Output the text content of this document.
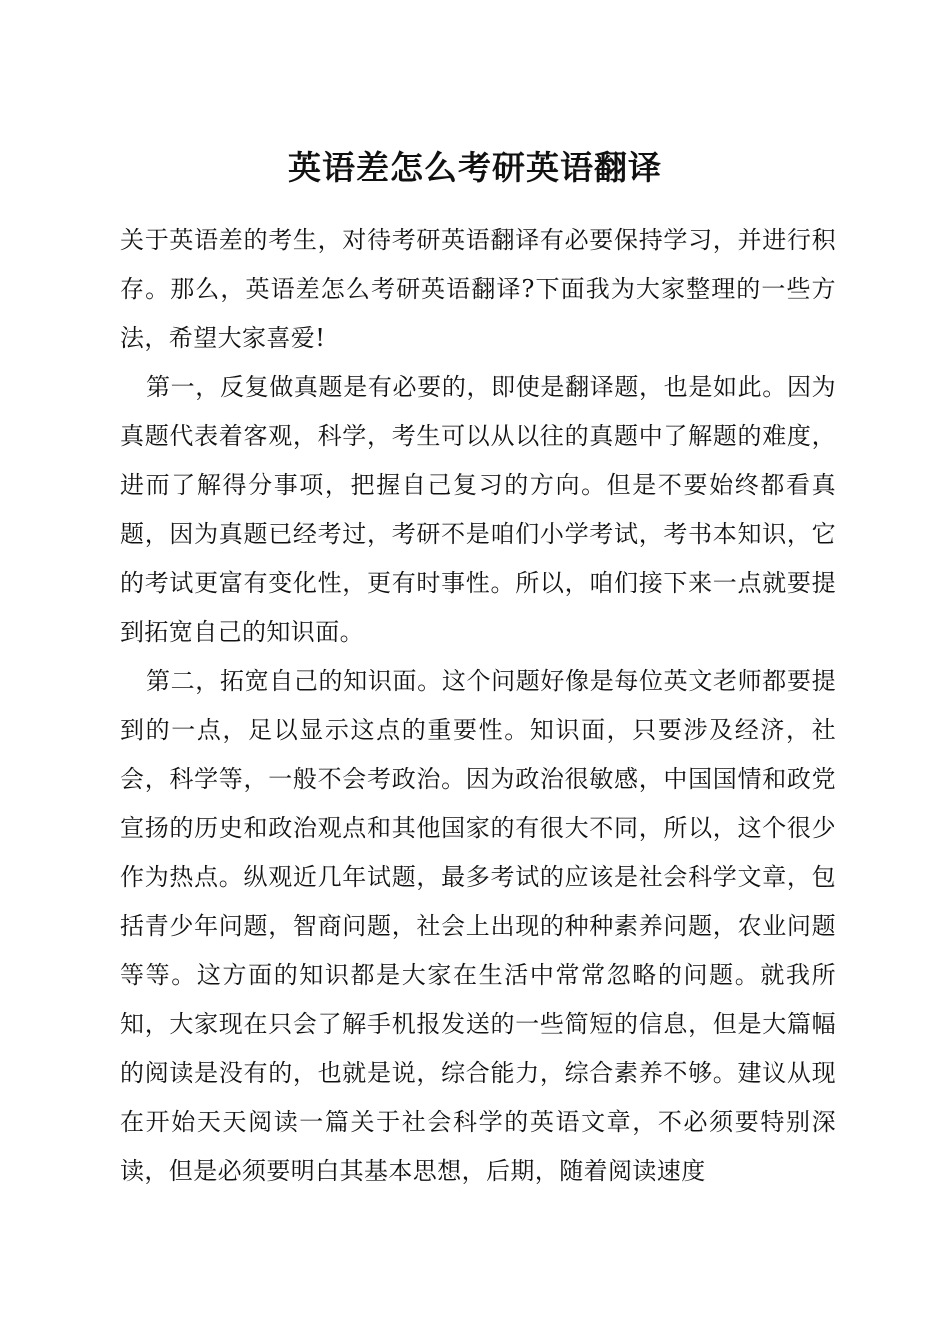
英语差怎么考研英语翻译

关于英语差的考生，对待考研英语翻译有必要保持学习，并进行积存。那么，英语差怎么考研英语翻译?下面我为大家整理的一些方法，希望大家喜爱!

第一，反复做真题是有必要的，即使是翻译题，也是如此。因为真题代表着客观，科学，考生可以从以往的真题中了解题的难度，进而了解得分事项，把握自己复习的方向。但是不要始终都看真题，因为真题已经考过，考研不是咱们小学考试，考书本知识，它的考试更富有变化性，更有时事性。所以，咱们接下来一点就要提到拓宽自己的知识面。

第二，拓宽自己的知识面。这个问题好像是每位英文老师都要提到的一点，足以显示这点的重要性。知识面，只要涉及经济，社会，科学等，一般不会考政治。因为政治很敏感，中国国情和政党宣扬的历史和政治观点和其他国家的有很大不同，所以，这个很少作为热点。纵观近几年试题，最多考试的应该是社会科学文章，包括青少年问题，智商问题，社会上出现的种种素养问题，农业问题等等。这方面的知识都是大家在生活中常常忽略的问题。就我所知，大家现在只会了解手机报发送的一些简短的信息，但是大篇幅的阅读是没有的，也就是说，综合能力，综合素养不够。建议从现在开始天天阅读一篇关于社会科学的英语文章，不必须要特别深读，但是必须要明白其基本思想，后期，随着阅读速度
